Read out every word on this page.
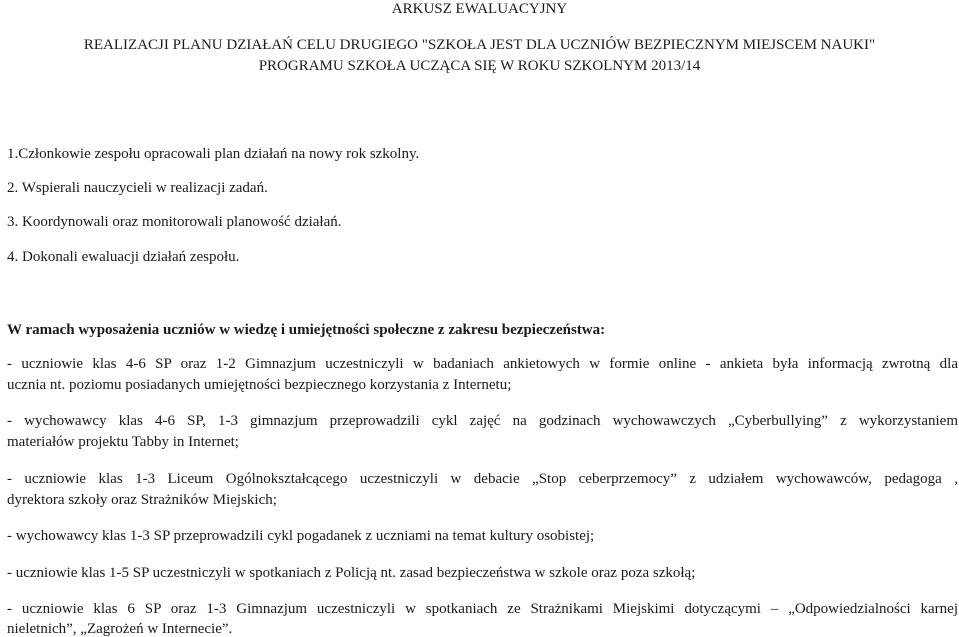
ARKUSZ EWALUACYJNY
REALIZACJI PLANU DZIAŁAŃ CELU DRUGIEGO "SZKOŁA JEST DLA UCZNIÓW BEZPIECZNYM MIEJSCEM NAUKI"
PROGRAMU SZKOŁA UCZĄCA SIĘ W ROKU SZKOLNYM 2013/14
1.Członkowie zespołu opracowali plan działań na nowy rok szkolny.
2. Wspierali nauczycieli w realizacji zadań.
3. Koordynowali oraz monitorowali planowość działań.
4. Dokonali ewaluacji działań zespołu.
W ramach wyposażenia uczniów w wiedzę i umiejętności społeczne z zakresu bezpieczeństwa:
- uczniowie klas 4-6 SP oraz 1-2 Gimnazjum uczestniczyli w badaniach ankietowych w formie online - ankieta była informacją zwrotną dla
ucznia nt. poziomu posiadanych umiejętności bezpiecznego korzystania z Internetu;
- wychowawcy klas 4-6 SP, 1-3 gimnazjum przeprowadzili cykl zajęć na godzinach wychowawczych „Cyberbullying” z wykorzystaniem
materiałów projektu Tabby in Internet;
- uczniowie klas 1-3 Liceum Ogólnokształcącego uczestniczyli w debacie „Stop ceberprzemocy” z udziałem wychowawców, pedagoga ,
dyrektora szkoły oraz Strażników Miejskich;
- wychowawcy klas 1-3 SP przeprowadzili cykl pogadanek z uczniami na temat kultury osobistej;
- uczniowie klas 1-5 SP uczestniczyli w spotkaniach z Policją nt. zasad bezpieczeństwa w szkole oraz poza szkołą;
- uczniowie klas 6 SP oraz 1-3 Gimnazjum uczestniczyli w spotkaniach ze Strażnikami Miejskimi dotyczącymi – „Odpowiedzialności karnej
nieletnich”, „Zagrożeń w Internecie”.
